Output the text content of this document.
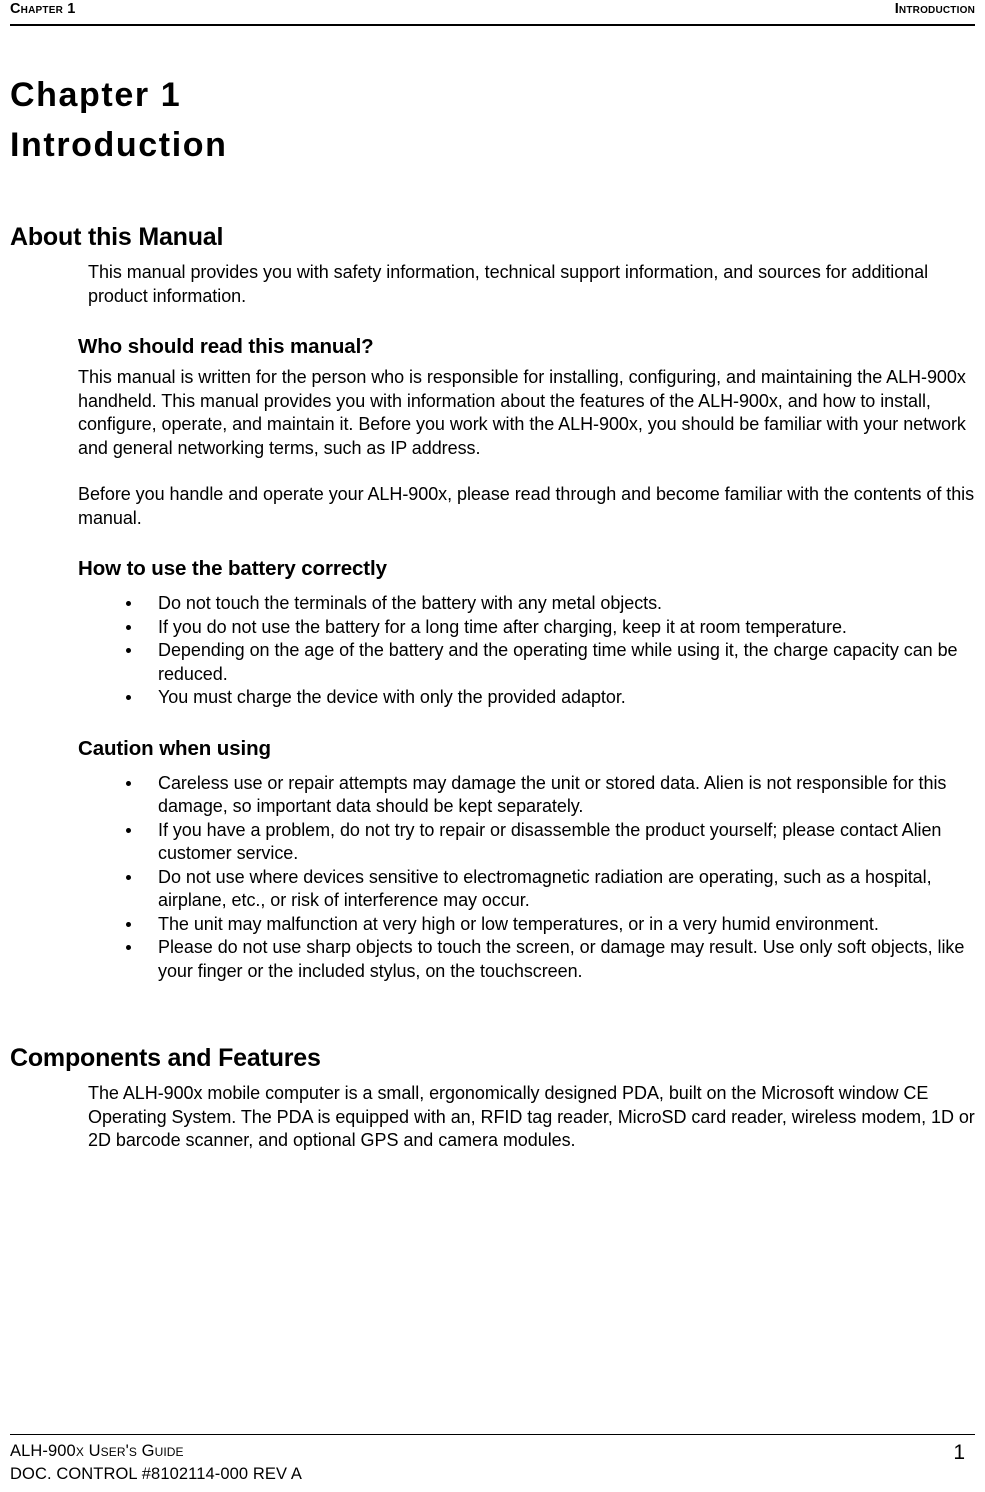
Chapter 1	Introduction
Chapter 1
Introduction
About this Manual

This manual provides you with safety information, technical support information, and sources for additional product information.

Who should read this manual?

This manual is written for the person who is responsible for installing, configuring, and maintaining the ALH-900x handheld. This manual provides you with information about the features of the ALH-900x, and how to install, configure, operate, and maintain it. Before you work with the ALH-900x, you should be familiar with your network and general networking terms, such as IP address.

Before you handle and operate your ALH-900x, please read through and become familiar with the contents of this manual.

How to use the battery correctly
Do not touch the terminals of the battery with any metal objects.
If you do not use the battery for a long time after charging, keep it at room temperature.
Depending on the age of the battery and the operating time while using it, the charge capacity can be reduced.
You must charge the device with only the provided adaptor.
Caution when using
Careless use or repair attempts may damage the unit or stored data. Alien is not responsible for this damage, so important data should be kept separately.
If you have a problem, do not try to repair or disassemble the product yourself; please contact Alien customer service.
Do not use where devices sensitive to electromagnetic radiation are operating, such as a hospital, airplane, etc., or risk of interference may occur.
The unit may malfunction at very high or low temperatures, or in a very humid environment.
Please do not use sharp objects to touch the screen, or damage may result. Use only soft objects, like your finger or the included stylus, on the touchscreen.
Components and Features

The ALH-900x mobile computer is a small, ergonomically designed PDA, built on the Microsoft window CE Operating System. The PDA is equipped with an, RFID tag reader, MicroSD card reader, wireless modem, 1D or 2D barcode scanner, and optional GPS and camera modules.

ALH-900x User's Guide
DOC. CONTROL #8102114-000 REV A
1
